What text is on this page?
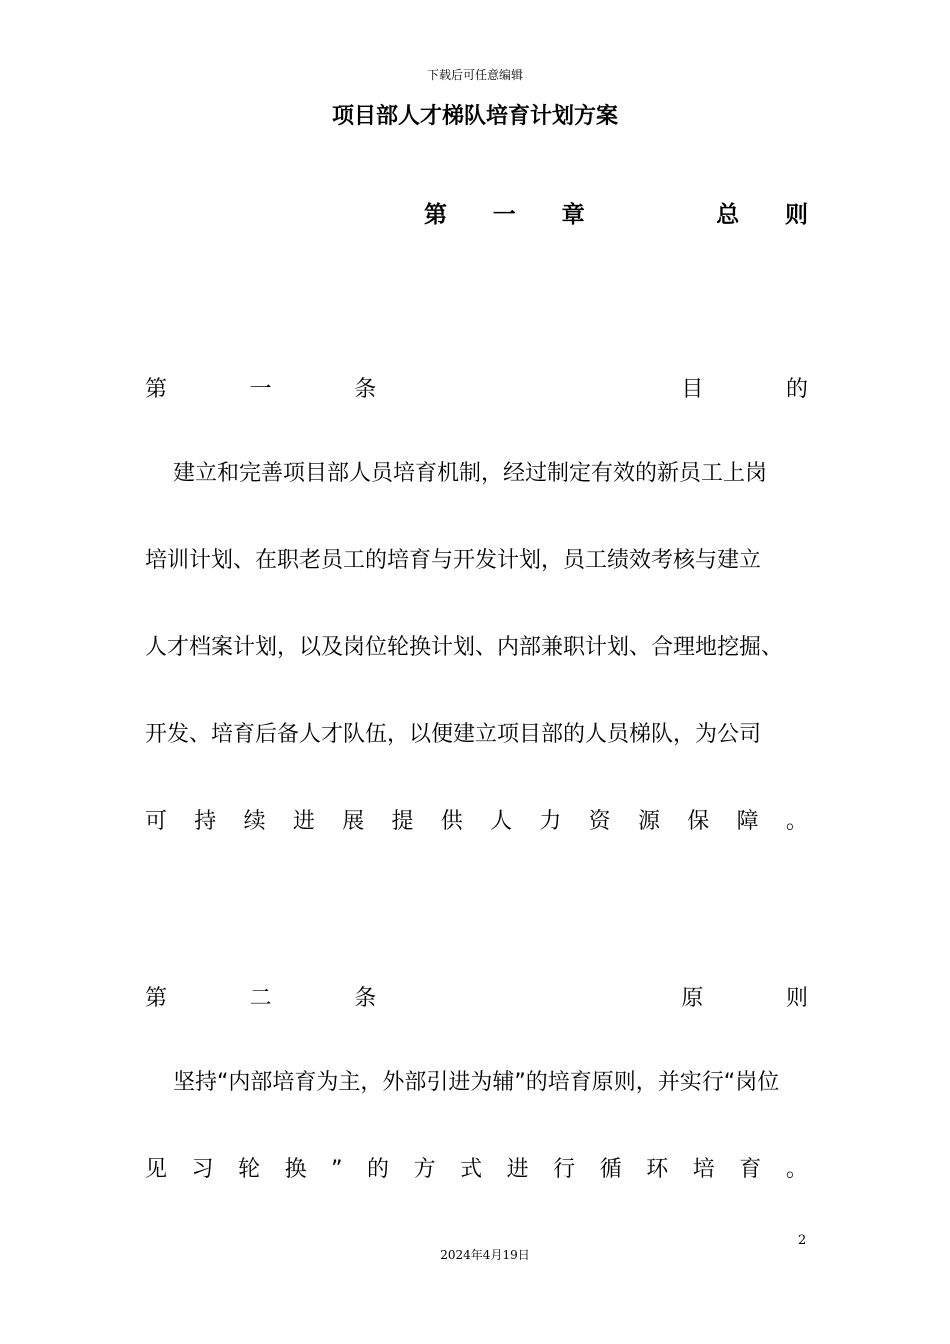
下载后可任意编辑
项目部人才梯队培育计划方案
第 一 章	总 则
第	一	条	目	的
建立和完善项目部人员培育机制，经过制定有效的新员工上岗
培训计划、在职老员工的培育与开发计划，员工绩效考核与建立
人才档案计划，以及岗位轮换计划、内部兼职计划、合理地挖掘、
开发、培育后备人才队伍，以便建立项目部的人员梯队，为公司
可 持 续 进 展 提 供 人 力 资 源 保 障 。
第	二	条	原	则
坚持“内部培育为主，外部引进为辅”的培育原则，并实行“岗位
见 习 轮 换 ” 的 方 式 进 行 循 环 培 育 。
2
2024年4月19日
